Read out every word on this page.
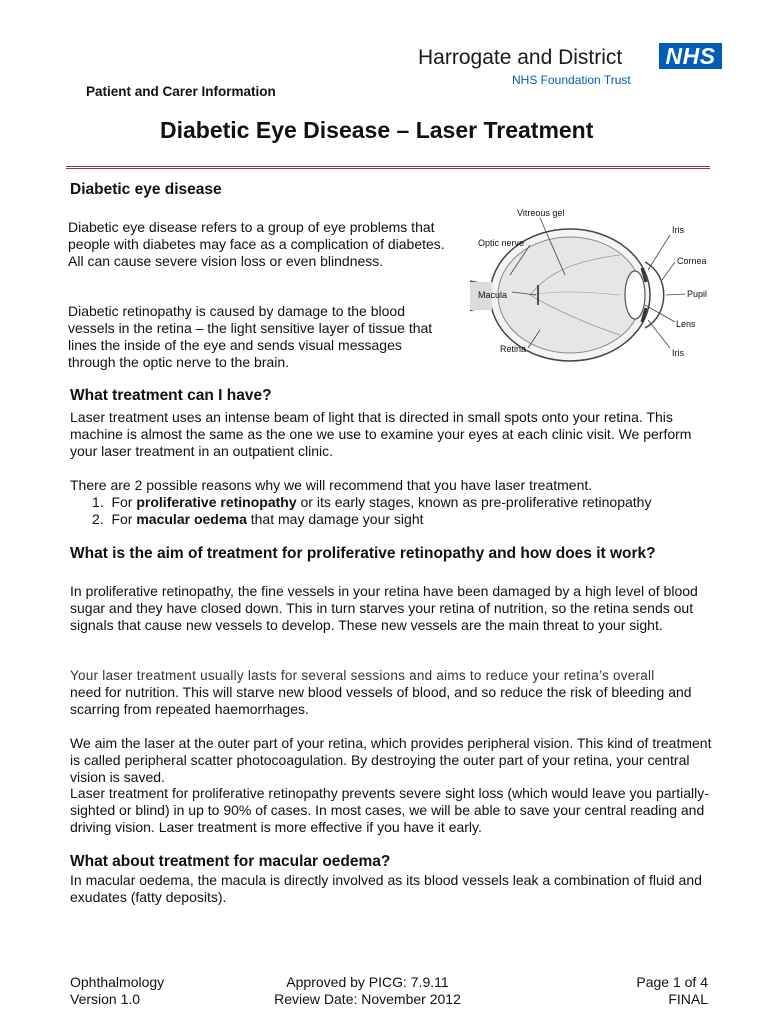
Harrogate and District
NHS Foundation Trust
NHS
Patient and Carer Information
Diabetic Eye Disease – Laser Treatment
Diabetic eye disease
Diabetic eye disease refers to a group of eye problems that people with diabetes may face as a complication of diabetes. All can cause severe vision loss or even blindness.
Diabetic retinopathy is caused by damage to the blood vessels in the retina – the light sensitive layer of tissue that lines the inside of the eye and sends visual messages through the optic nerve to the brain.
Vitreous gel
Optic nerve
Macula
Retina
Iris
Cornea
Pupil
Lens
Iris
What treatment can I have?
Laser treatment uses an intense beam of light that is directed in small spots onto your retina. This machine is almost the same as the one we use to examine your eyes at each clinic visit. We perform your laser treatment in an outpatient clinic.
There are 2 possible reasons why we will recommend that you have laser treatment.
1. For proliferative retinopathy or its early stages, known as pre-proliferative retinopathy
2. For macular oedema that may damage your sight
What is the aim of treatment for proliferative retinopathy and how does it work?
In proliferative retinopathy, the fine vessels in your retina have been damaged by a high level of blood sugar and they have closed down. This in turn starves your retina of nutrition, so the retina sends out signals that cause new vessels to develop. These new vessels are the main threat to your sight.
Your laser treatment usually lasts for several sessions and aims to reduce your retina’s overall
need for nutrition. This will starve new blood vessels of blood, and so reduce the risk of bleeding and scarring from repeated haemorrhages.
We aim the laser at the outer part of your retina, which provides peripheral vision. This kind of treatment is called peripheral scatter photocoagulation. By destroying the outer part of your retina, your central vision is saved.
Laser treatment for proliferative retinopathy prevents severe sight loss (which would leave you partially-sighted or blind) in up to 90% of cases. In most cases, we will be able to save your central reading and driving vision. Laser treatment is more effective if you have it early.
What about treatment for macular oedema?
In macular oedema, the macula is directly involved as its blood vessels leak a combination of fluid and exudates (fatty deposits).
Ophthalmology
Version 1.0
Approved by PICG: 7.9.11
Review Date: November 2012
Page 1 of 4
FINAL
